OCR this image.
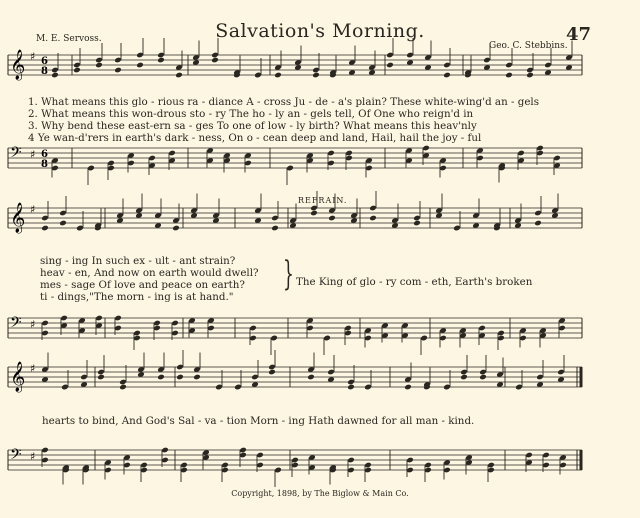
Salvation's Morning.	47
M. E. Servoss.
Geo. C. Stebbins.
𝄞 ♯ 6
8
𝄢 ♯ 6
8
𝄞 ♯
𝄢 ♯
𝄞 ♯
𝄢 ♯
1. What means this glo - rious ra - diance A - cross Ju - de - a's plain? These white-wing'd an - gels
2. What means this won-drous sto - ry The ho - ly an - gels tell, Of One who reign'd in
3. Why bend these east-ern sa - ges To one of low - ly birth? What means this heav'nly
4 Ye wan-d'rers in earth's dark - ness, On o - cean deep and land, Hail, hail the joy - ful
REFRAIN.
sing - ing In such ex - ult - ant strain?
heav - en, And now on earth would dwell?
mes - sage Of love and peace on earth?
ti - dings,"The morn - ing is at hand."
} The King of glo - ry com - eth, Earth's broken
hearts to bind, And God's Sal - va - tion Morn - ing Hath dawned for all man - kind.
Copyright, 1898, by The Biglow & Main Co.
